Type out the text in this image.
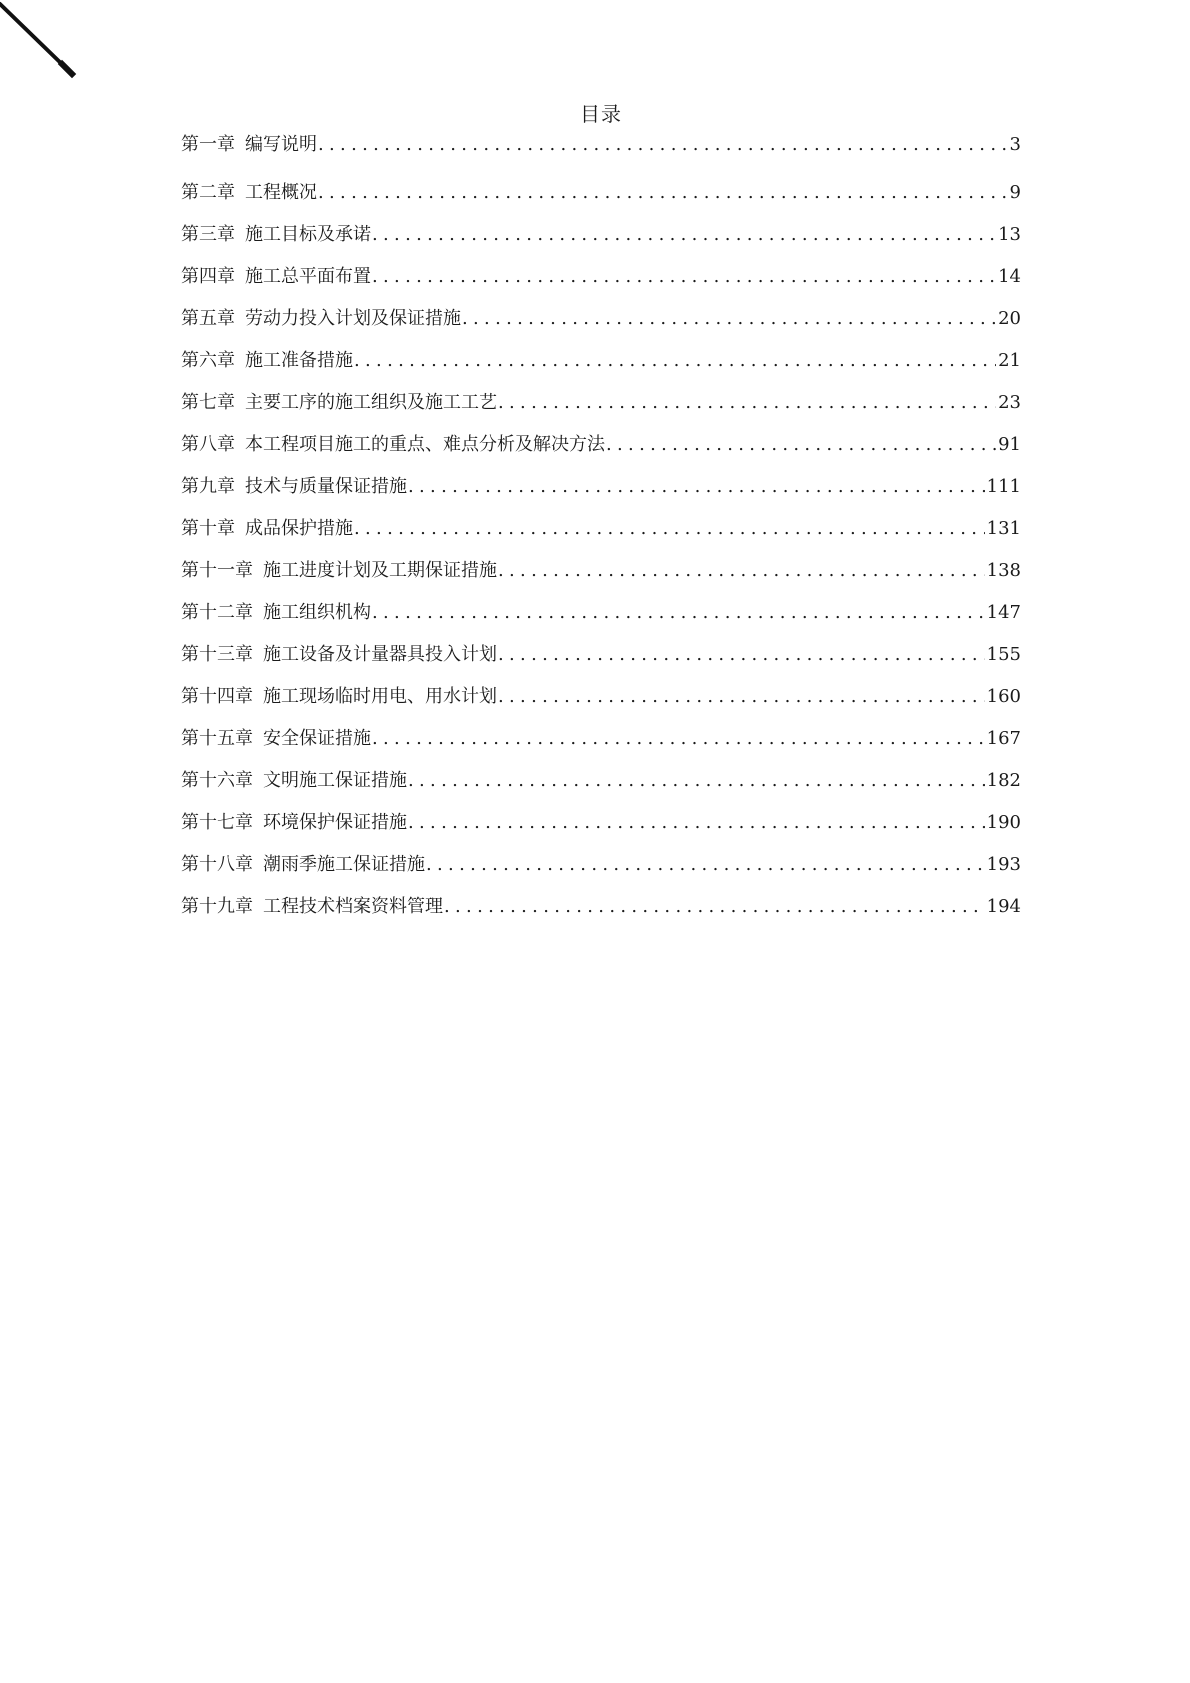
目录
第一章 编写说明 .....	3
第二章 工程概况 .....	9
第三章 施工目标及承诺 .....	13
第四章 施工总平面布置 .....	14
第五章 劳动力投入计划及保证措施 .....	20
第六章 施工准备措施 .....	21
第七章 主要工序的施工组织及施工工艺 .....	23
第八章 本工程项目施工的重点、难点分析及解决方法 .....	91
第九章 技术与质量保证措施 .....	111
第十章 成品保护措施 .....	131
第十一章 施工进度计划及工期保证措施 .....	138
第十二章 施工组织机构 .....	147
第十三章 施工设备及计量器具投入计划 .....	155
第十四章 施工现场临时用电、用水计划 .....	160
第十五章 安全保证措施 .....	167
第十六章 文明施工保证措施 .....	182
第十七章 环境保护保证措施 .....	190
第十八章 潮雨季施工保证措施 .....	193
第十九章 工程技术档案资料管理 .....	194
